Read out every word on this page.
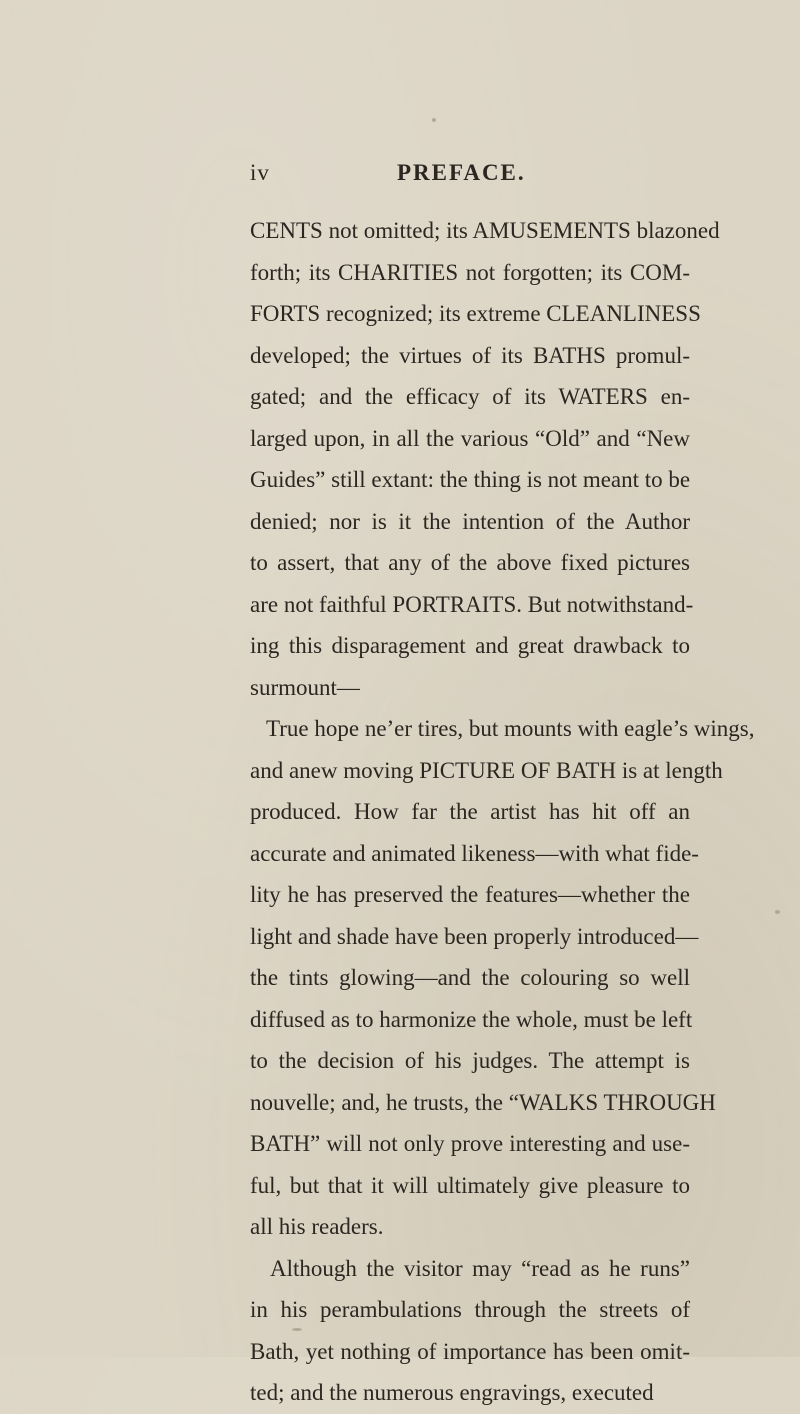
iv	PREFACE.
CENTS not omitted; its AMUSEMENTS blazoned
forth; its CHARITIES not forgotten; its COM-
FORTS recognized; its extreme CLEANLINESS
developed; the virtues of its BATHS promul-
gated; and the efficacy of its WATERS en-
larged upon, in all the various “Old” and “New
Guides” still extant: the thing is not meant to be
denied; nor is it the intention of the Author
to assert, that any of the above fixed pictures
are not faithful PORTRAITS. But notwithstand-
ing this disparagement and great drawback to
surmount—
True hope ne’er tires, but mounts with eagle’s wings,
and anew moving PICTURE OF BATH is at length
produced. How far the artist has hit off an
accurate and animated likeness—with what fide-
lity he has preserved the features—whether the
light and shade have been properly introduced—
the tints glowing—and the colouring so well
diffused as to harmonize the whole, must be left
to the decision of his judges. The attempt is
nouvelle; and, he trusts, the “WALKS THROUGH
BATH” will not only prove interesting and use-
ful, but that it will ultimately give pleasure to
all his readers.
Although the visitor may “read as he runs”
in his perambulations through the streets of
Bath, yet nothing of importance has been omit-
ted; and the numerous engravings, executed
